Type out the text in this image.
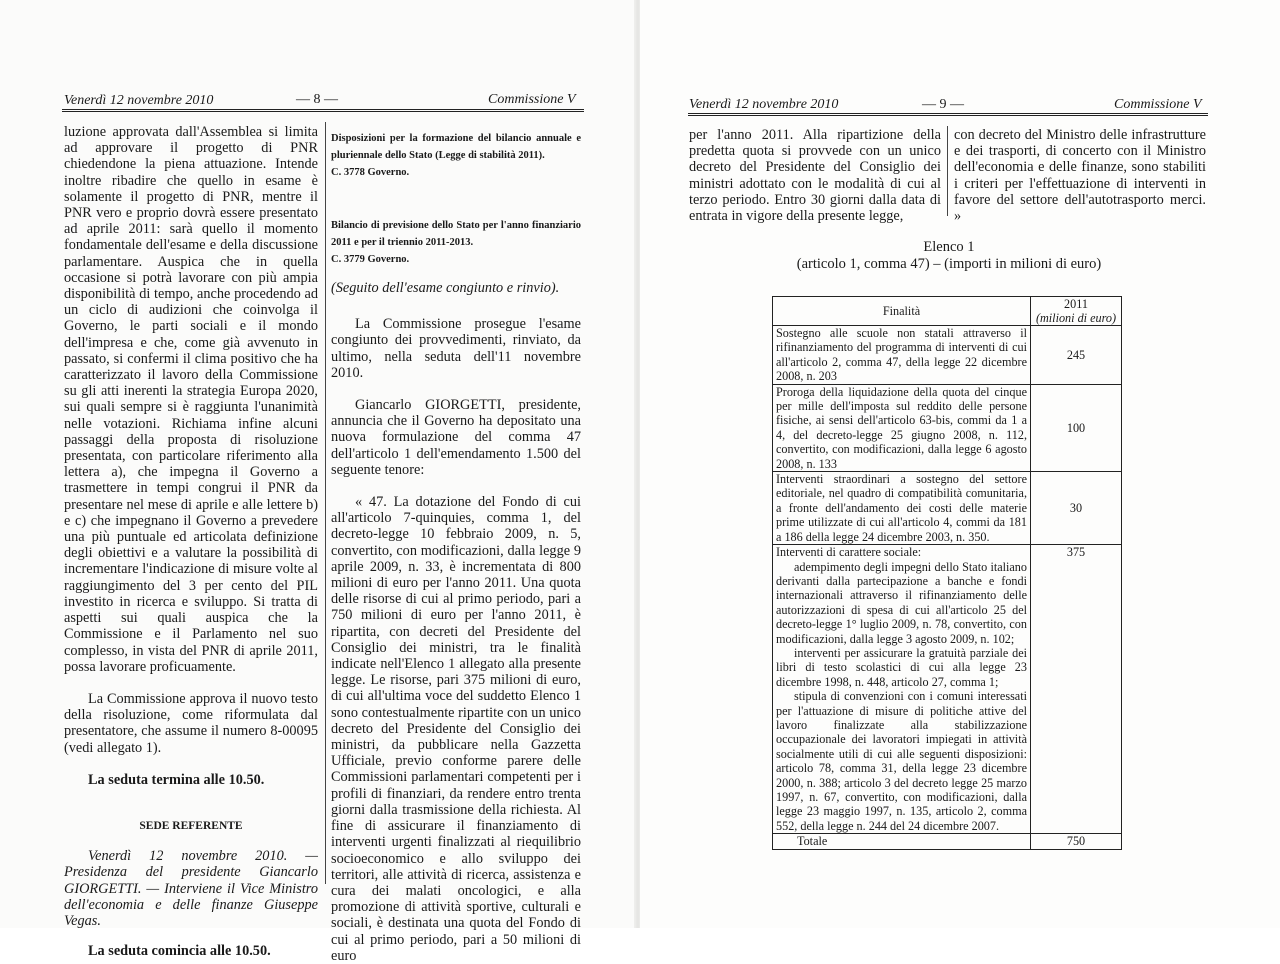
Venerdì 12 novembre 2010	— 8 —	Commissione V

luzione approvata dall'Assemblea si limita ad approvare il progetto di PNR chiedendone la piena attuazione. Intende inoltre ribadire che quello in esame è solamente il progetto di PNR, mentre il PNR vero e proprio dovrà essere presentato ad aprile 2011: sarà quello il momento fondamentale dell'esame e della discussione parlamentare. Auspica che in quella occasione si potrà lavorare con più ampia disponibilità di tempo, anche procedendo ad un ciclo di audizioni che coinvolga il Governo, le parti sociali e il mondo dell'impresa e che, come già avvenuto in passato, si confermi il clima positivo che ha caratterizzato il lavoro della Commissione su gli atti inerenti la strategia Europa 2020, sui quali sempre si è raggiunta l'unanimità nelle votazioni. Richiama infine alcuni passaggi della proposta di risoluzione presentata, con particolare riferimento alla lettera a), che impegna il Governo a trasmettere in tempi congrui il PNR da presentare nel mese di aprile e alle lettere b) e c) che impegnano il Governo a prevedere una più puntuale ed articolata definizione degli obiettivi e a valutare la possibilità di incrementare l'indicazione di misure volte al raggiungimento del 3 per cento del PIL investito in ricerca e sviluppo. Si tratta di aspetti sui quali auspica che la Commissione e il Parlamento nel suo complesso, in vista del PNR di aprile 2011, possa lavorare proficuamente.

La Commissione approva il nuovo testo della risoluzione, come riformulata dal presentatore, che assume il numero 8-00095 (vedi allegato 1).

La seduta termina alle 10.50.

SEDE REFERENTE

Venerdì 12 novembre 2010. — Presidenza del presidente Giancarlo GIORGETTI. — Interviene il Vice Ministro dell'economia e delle finanze Giuseppe Vegas.

La seduta comincia alle 10.50.

Disposizioni per la formazione del bilancio annuale e pluriennale dello Stato (Legge di stabilità 2011).

C. 3778 Governo.

Bilancio di previsione dello Stato per l'anno finanziario 2011 e per il triennio 2011-2013.

C. 3779 Governo.

(Seguito dell'esame congiunto e rinvio).

La Commissione prosegue l'esame congiunto dei provvedimenti, rinviato, da ultimo, nella seduta dell'11 novembre 2010.

Giancarlo GIORGETTI, presidente, annuncia che il Governo ha depositato una nuova formulazione del comma 47 dell'articolo 1 dell'emendamento 1.500 del seguente tenore:

« 47. La dotazione del Fondo di cui all'articolo 7-quinquies, comma 1, del decreto-legge 10 febbraio 2009, n. 5, convertito, con modificazioni, dalla legge 9 aprile 2009, n. 33, è incrementata di 800 milioni di euro per l'anno 2011. Una quota delle risorse di cui al primo periodo, pari a 750 milioni di euro per l'anno 2011, è ripartita, con decreti del Presidente del Consiglio dei ministri, tra le finalità indicate nell'Elenco 1 allegato alla presente legge. Le risorse, pari 375 milioni di euro, di cui all'ultima voce del suddetto Elenco 1 sono contestualmente ripartite con un unico decreto del Presidente del Consiglio dei ministri, da pubblicare nella Gazzetta Ufficiale, previo conforme parere delle Commissioni parlamentari competenti per i profili di finanziari, da rendere entro trenta giorni dalla trasmissione della richiesta. Al fine di assicurare il finanziamento di interventi urgenti finalizzati al riequilibrio socioeconomico e allo sviluppo dei territori, alle attività di ricerca, assistenza e cura dei malati oncologici, e alla promozione di attività sportive, culturali e sociali, è destinata una quota del Fondo di cui al primo periodo, pari a 50 milioni di euro

Venerdì 12 novembre 2010	— 9 —	Commissione V

per l'anno 2011. Alla ripartizione della predetta quota si provvede con un unico decreto del Presidente del Consiglio dei ministri adottato con le modalità di cui al terzo periodo. Entro 30 giorni dalla data di entrata in vigore della presente legge,

con decreto del Ministro delle infrastrutture e dei trasporti, di concerto con il Ministro dell'economia e delle finanze, sono stabiliti i criteri per l'effettuazione di interventi in favore del settore dell'autotrasporto merci. »

Elenco 1
(articolo 1, comma 47) – (importi in milioni di euro)
Finalità	2011
(milioni di euro)

Sostegno alle scuole non statali attraverso il rifinanziamento del programma di interventi di cui all'articolo 2, comma 47, della legge 22 dicembre 2008, n. 203	245
Proroga della liquidazione della quota del cinque per mille dell'imposta sul reddito delle persone fisiche, ai sensi dell'articolo 63-bis, commi da 1 a 4, del decreto-legge 25 giugno 2008, n. 112, convertito, con modificazioni, dalla legge 6 agosto 2008, n. 133	100
Interventi straordinari a sostegno del settore editoriale, nel quadro di compatibilità comunitaria, a fronte dell'andamento dei costi delle materie prime utilizzate di cui all'articolo 4, commi da 181 a 186 della legge 24 dicembre 2003, n. 350.	30

Interventi di carattere sociale:
adempimento degli impegni dello Stato italiano derivanti dalla partecipazione a banche e fondi internazionali attraverso il rifinanziamento delle autorizzazioni di spesa di cui all'articolo 25 del decreto-legge 1° luglio 2009, n. 78, convertito, con modificazioni, dalla legge 3 agosto 2009, n. 102;
interventi per assicurare la gratuità parziale dei libri di testo scolastici di cui alla legge 23 dicembre 1998, n. 448, articolo 27, comma 1;
stipula di convenzioni con i comuni interessati per l'attuazione di misure di politiche attive del lavoro finalizzate alla stabilizzazione occupazionale dei lavoratori impiegati in attività socialmente utili di cui alle seguenti disposizioni: articolo 78, comma 31, della legge 23 dicembre 2000, n. 388; articolo 3 del decreto legge 25 marzo 1997, n. 67, convertito, con modificazioni, dalla legge 23 maggio 1997, n. 135, articolo 2, comma 552, della legge n. 244 del 24 dicembre 2007.	375
Totale	750
